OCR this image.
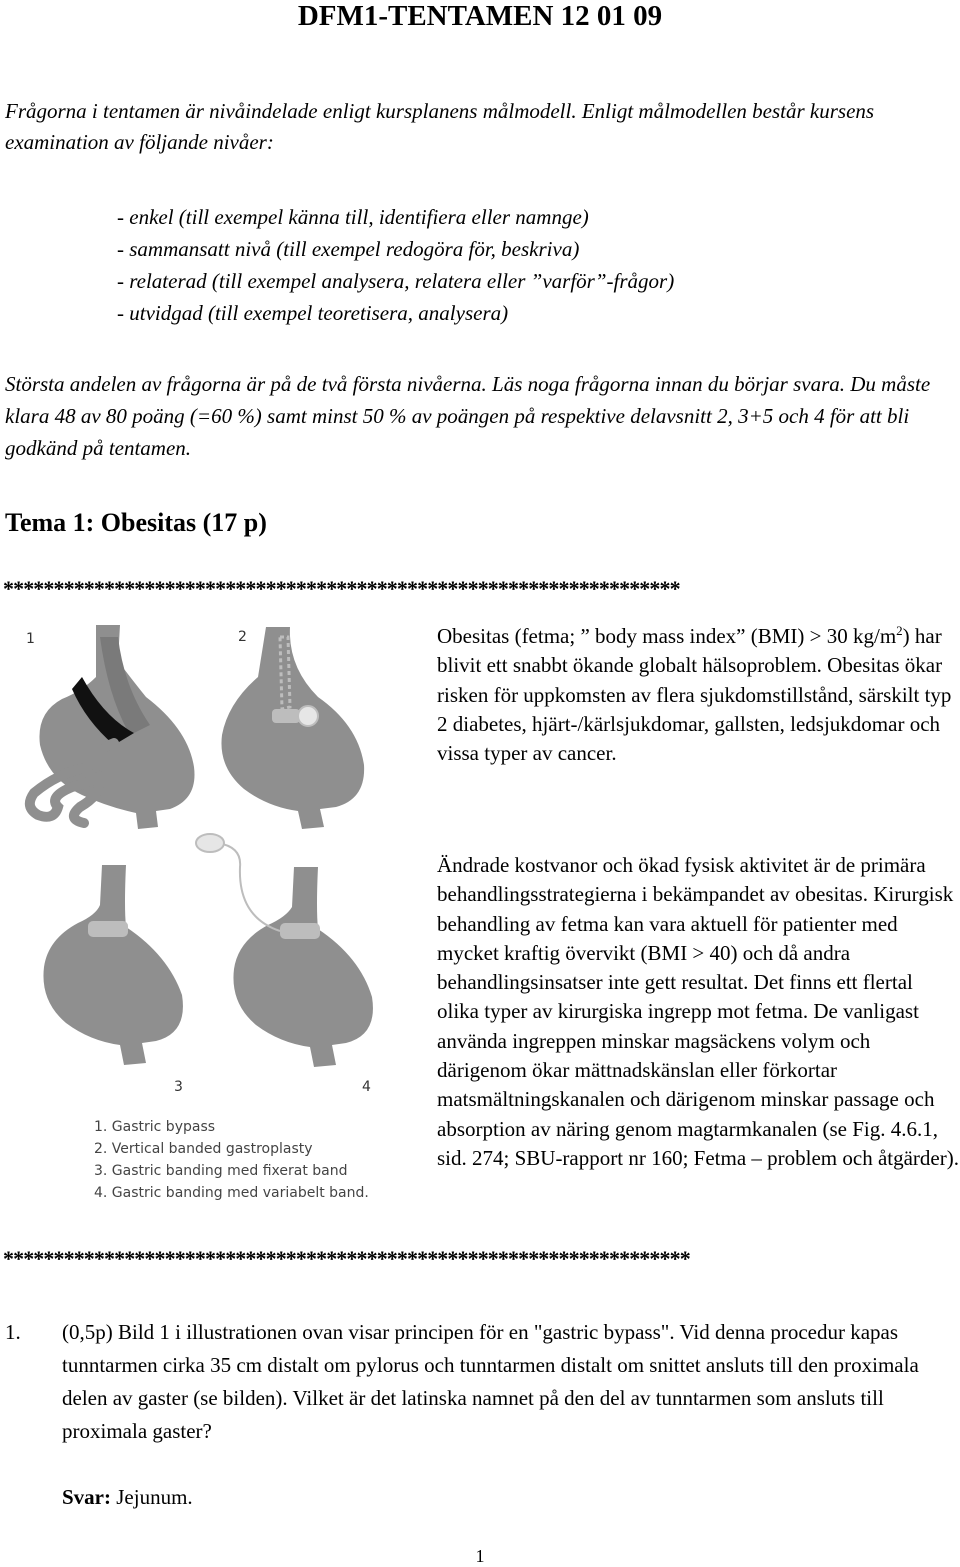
DFM1-TENTAMEN 12 01 09

Frågorna i tentamen är nivåindelade enligt kursplanens målmodell. Enligt målmodellen består kursens examination av följande nivåer:

- enkel (till exempel känna till, identifiera eller namnge)
- sammansatt nivå (till exempel redogöra för, beskriva)
- relaterad (till exempel analysera, relatera eller ”varför”-frågor)
- utvidgad (till exempel teoretisera, analysera)

Största andelen av frågorna är på de två första nivåerna. Läs noga frågorna innan du börjar svara. Du måste klara 48 av 80 poäng (=60 %) samt minst 50 % av poängen på respektive delavsnitt 2, 3+5 och 4 för att bli godkänd på tentamen.

Tema 1: Obesitas (17 p)
*******************************************************************
1	2
3	4
1. Gastric bypass
2. Vertical banded gastroplasty
3. Gastric banding med fixerat band
4. Gastric banding med variabelt band.

Obesitas (fetma; ” body mass index” (BMI) > 30 $kg/m^2$) har blivit ett snabbt ökande globalt hälsoproblem. Obesitas ökar risken för uppkomsten av flera sjukdomstillstånd, särskilt typ 2 diabetes, hjärt-/kärlsjukdomar, gallsten, ledsjukdomar och vissa typer av cancer.

Ändrade kostvanor och ökad fysisk aktivitet är de primära behandlingsstrategierna i bekämpandet av obesitas. Kirurgisk behandling av fetma kan vara aktuell för patienter med mycket kraftig övervikt (BMI > 40) och då andra behandlingsinsatser inte gett resultat. Det finns ett flertal olika typer av kirurgiska ingrepp mot fetma. De vanligast använda ingreppen minskar magsäckens volym och därigenom ökar mättnadskänslan eller förkortar matsmältningskanalen och därigenom minskar passage och absorption av näring genom magtarmkanalen (se Fig. 4.6.1, sid. 274; SBU-rapport nr 160; Fetma – problem och åtgärder).

********************************************************************
1. (0,5p) Bild 1 i illustrationen ovan visar principen för en "gastric bypass". Vid denna procedur kapas tunntarmen cirka 35 cm distalt om pylorus och tunntarmen distalt om snittet ansluts till den proximala delen av gaster (se bilden). Vilket är det latinska namnet på den del av tunntarmen som ansluts till proximala gaster?

Svar: Jejunum.
1
